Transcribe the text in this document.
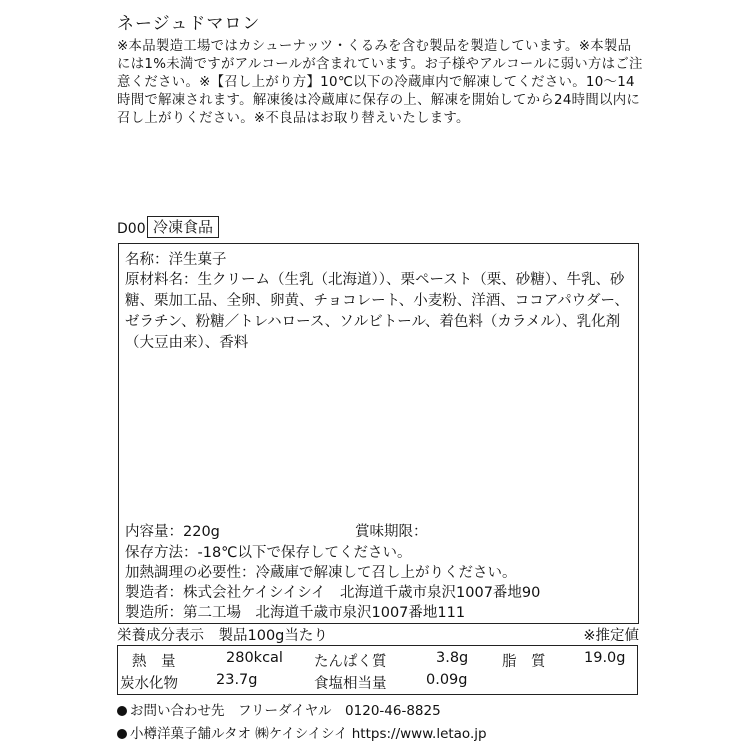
ネージュドマロン
※本品製造工場ではカシューナッツ・くるみを含む製品を製造しています。※本製品には1%未満ですがアルコールが含まれています。お子様やアルコールに弱い方はご注意ください。※【召し上がり方】10℃以下の冷蔵庫内で解凍してください。10～14時間で解凍されます。解凍後は冷蔵庫に保存の上、解凍を開始してから24時間以内に召し上がりください。※不良品はお取り替えいたします。
D00 冷凍食品
名称：洋生菓子
原材料名：生クリーム（生乳（北海道））、栗ペースト（栗、砂糖）、牛乳、砂糖、栗加工品、全卵、卵黄、チョコレート、小麦粉、洋酒、ココアパウダー、ゼラチン、粉糖／トレハロース、ソルビトール、着色料（カラメル）、乳化剤（大豆由来）、香料
内容量：220g	賞味期限：
保存方法：-18℃以下で保存してください。
加熱調理の必要性：冷蔵庫で解凍して召し上がりください。
製造者：株式会社ケイシイシイ　北海道千歳市泉沢1007番地90
製造所：第二工場　北海道千歳市泉沢1007番地111
栄養成分表示　製品100g当たり	※推定値
熱　量	280kcal たんぱく質	3.8g 脂　質	19.0g
炭水化物	23.7g	食塩相当量	0.09g
お問い合わせ先　フリーダイヤル　0120-46-8825
小樽洋菓子舗ルタオ ㈱ケイシイシイ https://www.letao.jp
